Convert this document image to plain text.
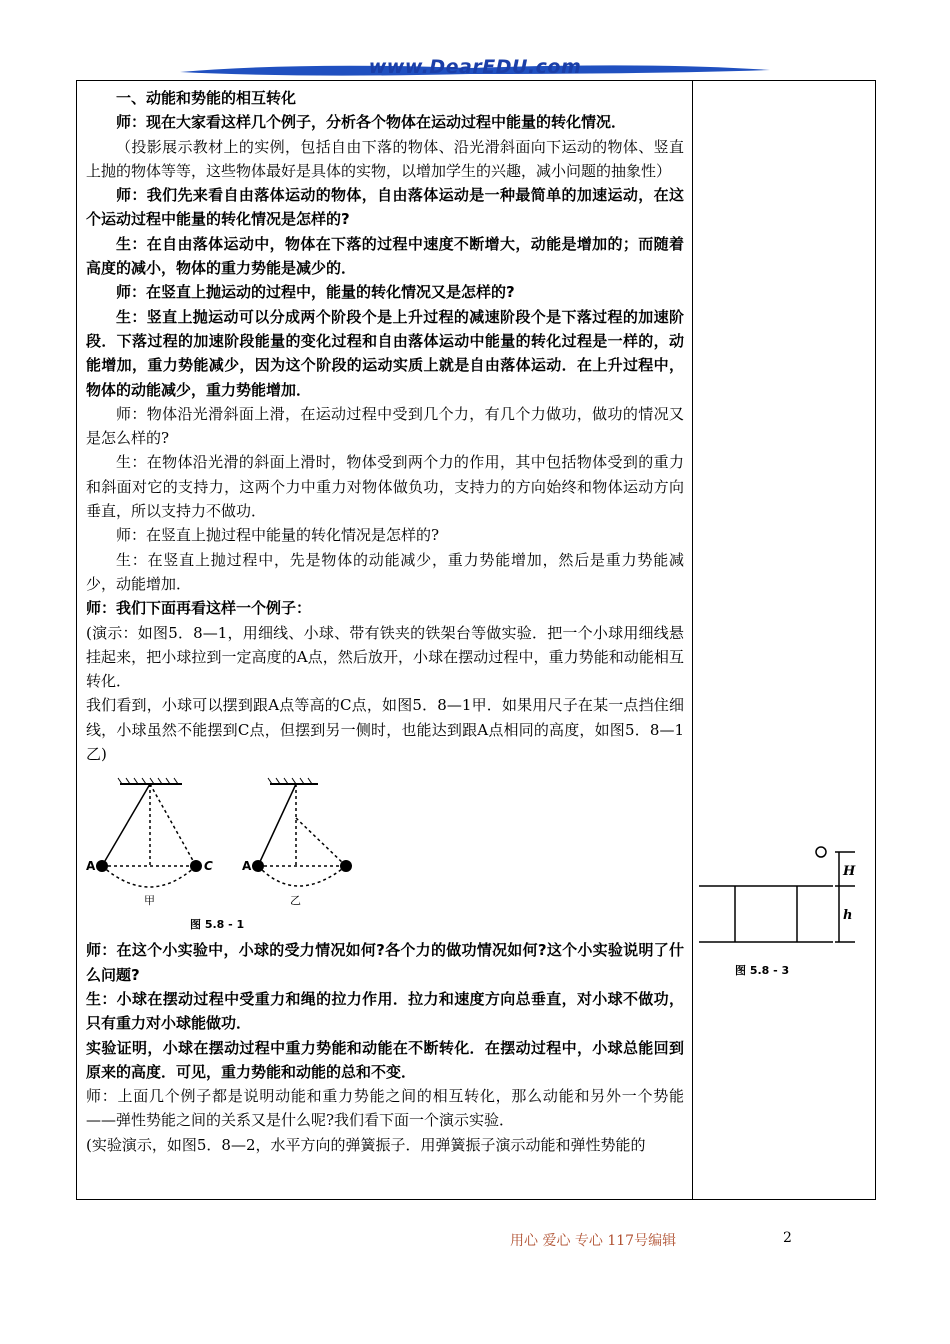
www.DearEDU.com

一、动能和势能的相互转化

师：现在大家看这样几个例子，分析各个物体在运动过程中能量的转化情况．

（投影展示教材上的实例，包括自由下落的物体、沿光滑斜面向下运动的物体、竖直上抛的物体等等，这些物体最好是具体的实物，以增加学生的兴趣，减小问题的抽象性）

师：我们先来看自由落体运动的物体，自由落体运动是一种最简单的加速运动，在这个运动过程中能量的转化情况是怎样的?

生：在自由落体运动中，物体在下落的过程中速度不断增大，动能是增加的；而随着高度的减小，物体的重力势能是减少的．

师：在竖直上抛运动的过程中，能量的转化情况又是怎样的?

生：竖直上抛运动可以分成两个阶段个是上升过程的减速阶段个是下落过程的加速阶段．下落过程的加速阶段能量的变化过程和自由落体运动中能量的转化过程是一样的，动能增加，重力势能减少，因为这个阶段的运动实质上就是自由落体运动．在上升过程中，物体的动能减少，重力势能增加．

师：物体沿光滑斜面上滑，在运动过程中受到几个力，有几个力做功，做功的情况又是怎么样的?

生：在物体沿光滑的斜面上滑时，物体受到两个力的作用，其中包括物体受到的重力和斜面对它的支持力，这两个力中重力对物体做负功，支持力的方向始终和物体运动方向垂直，所以支持力不做功．

师：在竖直上抛过程中能量的转化情况是怎样的?

生：在竖直上抛过程中，先是物体的动能减少，重力势能增加，然后是重力势能减少，动能增加．

师：我们下面再看这样一个例子：

(演示：如图5．8—1，用细线、小球、带有铁夹的铁架台等做实验．把一个小球用细线悬挂起来，把小球拉到一定高度的A点，然后放开，小球在摆动过程中，重力势能和动能相互转化．

我们看到，小球可以摆到跟A点等高的C点，如图5．8—1甲．如果用尺子在某一点挡住细线，小球虽然不能摆到C点，但摆到另一侧时，也能达到跟A点相同的高度，如图5．8—1乙)

A	C A
甲	乙
图 5.8 - 1

师：在这个小实验中，小球的受力情况如何?各个力的做功情况如何?这个小实验说明了什么问题?

生：小球在摆动过程中受重力和绳的拉力作用．拉力和速度方向总垂直，对小球不做功，只有重力对小球能做功．

实验证明，小球在摆动过程中重力势能和动能在不断转化．在摆动过程中，小球总能回到原来的高度．可见，重力势能和动能的总和不变．

师：上面几个例子都是说明动能和重力势能之间的相互转化，那么动能和另外一个势能——弹性势能之间的关系又是什么呢?我们看下面一个演示实验．

(实验演示，如图5．8—2，水平方向的弹簧振子．用弹簧振子演示动能和弹性势能的

H
h
图 5.8 - 3
用心 爱心 专心 117号编辑	2
